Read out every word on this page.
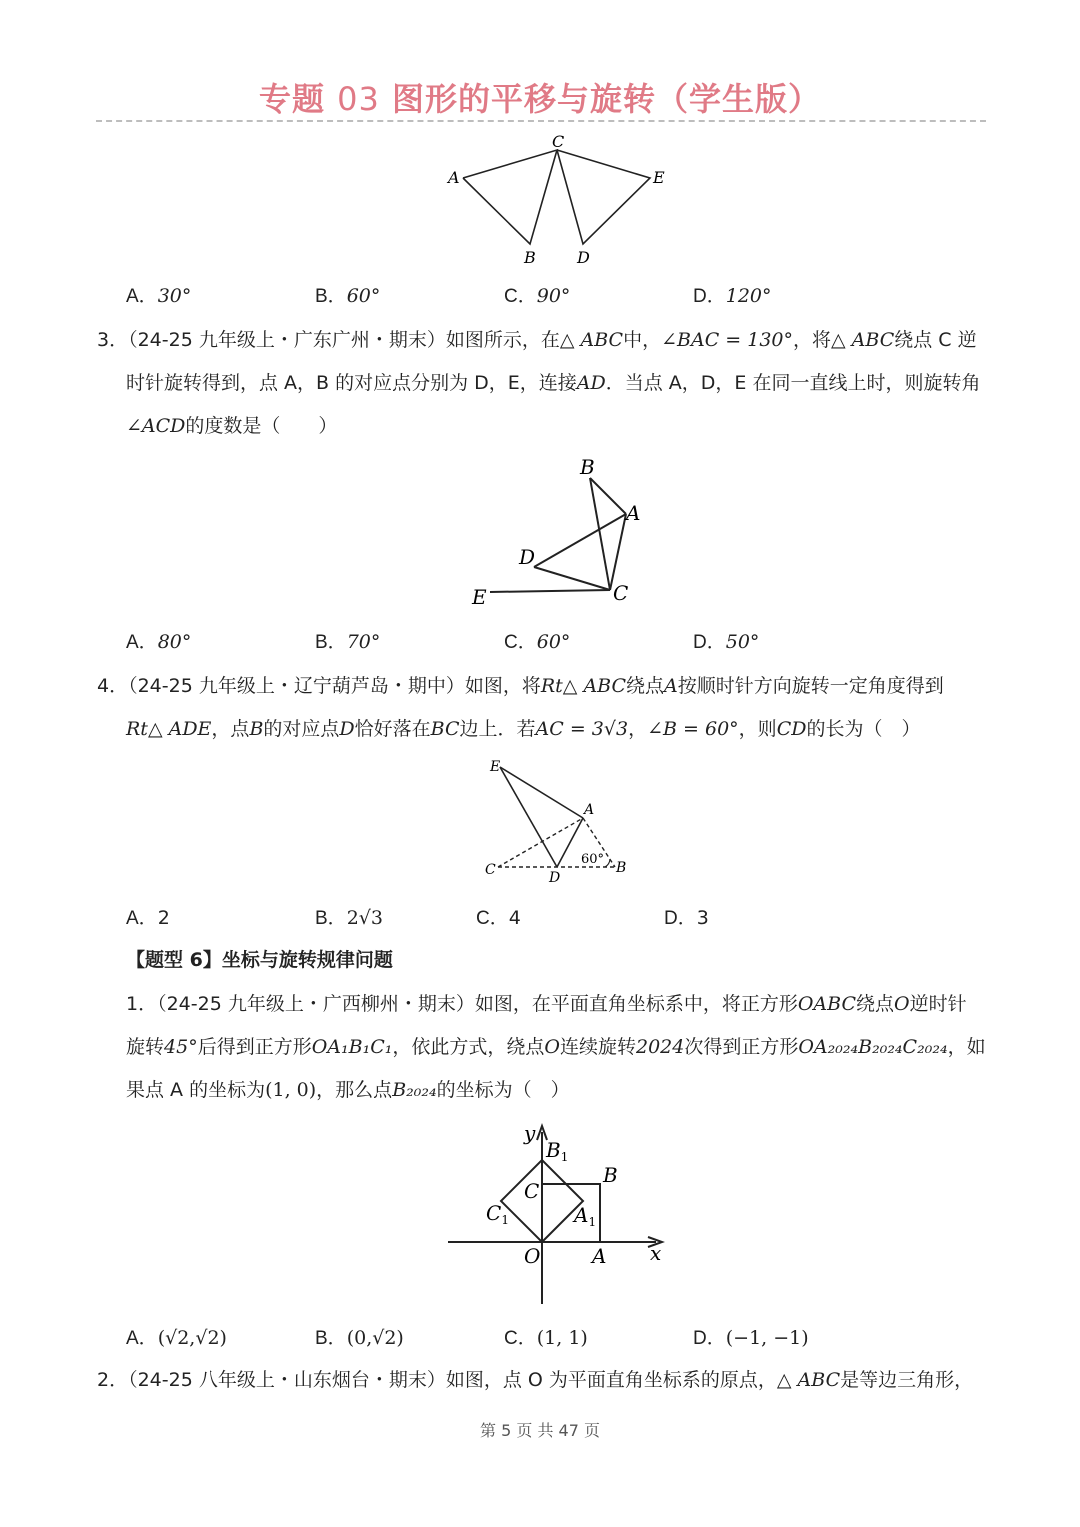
专题 03 图形的平移与旋转（学生版）
C
A	E
B	D
A．30°	B．60°	C．90°	D．120°
3．（24-25 九年级上・广东广州・期末）如图所示，在△ ABC中，∠BAC = 130°，将△ ABC绕点 C 逆
时针旋转得到，点 A，B 的对应点分别为 D，E，连接AD．当点 A，D，E 在同一直线上时，则旋转角
∠ACD的度数是（　　）
B
A
D
C
E
A．80°	B．70°	C．60°	D．50°
4．（24-25 九年级上・辽宁葫芦岛・期中）如图，将Rt△ ABC绕点A按顺时针方向旋转一定角度得到
Rt△ ADE，点B的对应点D恰好落在BC边上．若AC = 3√3，∠B = 60°，则CD的长为（　）
E
A
C	D
B
60°
A．2	B．2√3	C．4	D．3
【题型 6】坐标与旋转规律问题
1．（24-25 九年级上・广西柳州・期末）如图，在平面直角坐标系中，将正方形OABC绕点O逆时针
旋转45°后得到正方形OA₁B₁C₁，依此方式，绕点O连续旋转2024次得到正方形OA₂₀₂₄B₂₀₂₄C₂₀₂₄，如
果点 A 的坐标为(1, 0)，那么点B₂₀₂₄的坐标为（　）
y
x
O	A
B
C
$B_1$
$A_1$
$C_1$
A．(√2,√2)	B．(0,√2)	C．(1, 1)	D．(−1, −1)
2．（24-25 八年级上・山东烟台・期末）如图，点 O 为平面直角坐标系的原点，△ ABC是等边三角形，
第 5 页 共 47 页
